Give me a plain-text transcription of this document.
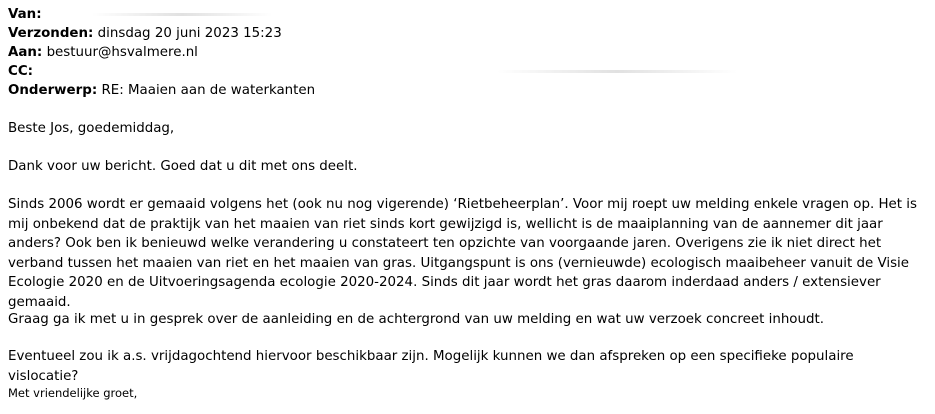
Van:
Verzonden: dinsdag 20 juni 2023 15:23
Aan: bestuur@hsvalmere.nl
CC:
Onderwerp: RE: Maaien aan de waterkanten

Beste Jos, goedemiddag,

Dank voor uw bericht. Goed dat u dit met ons deelt.

Sinds 2006 wordt er gemaaid volgens het (ook nu nog vigerende) ‘Rietbeheerplan’. Voor mij roept uw melding enkele vragen op. Het is mij onbekend dat de praktijk van het maaien van riet sinds kort gewijzigd is, wellicht is de maaiplanning van de aannemer dit jaar anders? Ook ben ik benieuwd welke verandering u constateert ten opzichte van voorgaande jaren. Overigens zie ik niet direct het verband tussen het maaien van riet en het maaien van gras. Uitgangspunt is ons (vernieuwde) ecologisch maaibeheer vanuit de Visie Ecologie 2020 en de Uitvoeringsagenda ecologie 2020-2024. Sinds dit jaar wordt het gras daarom inderdaad anders / extensiever gemaaid.

Graag ga ik met u in gesprek over de aanleiding en de achtergrond van uw melding en wat uw verzoek concreet inhoudt.

Eventueel zou ik a.s. vrijdagochtend hiervoor beschikbaar zijn. Mogelijk kunnen we dan afspreken op een specifieke populaire vislocatie?

Met vriendelijke groet,
